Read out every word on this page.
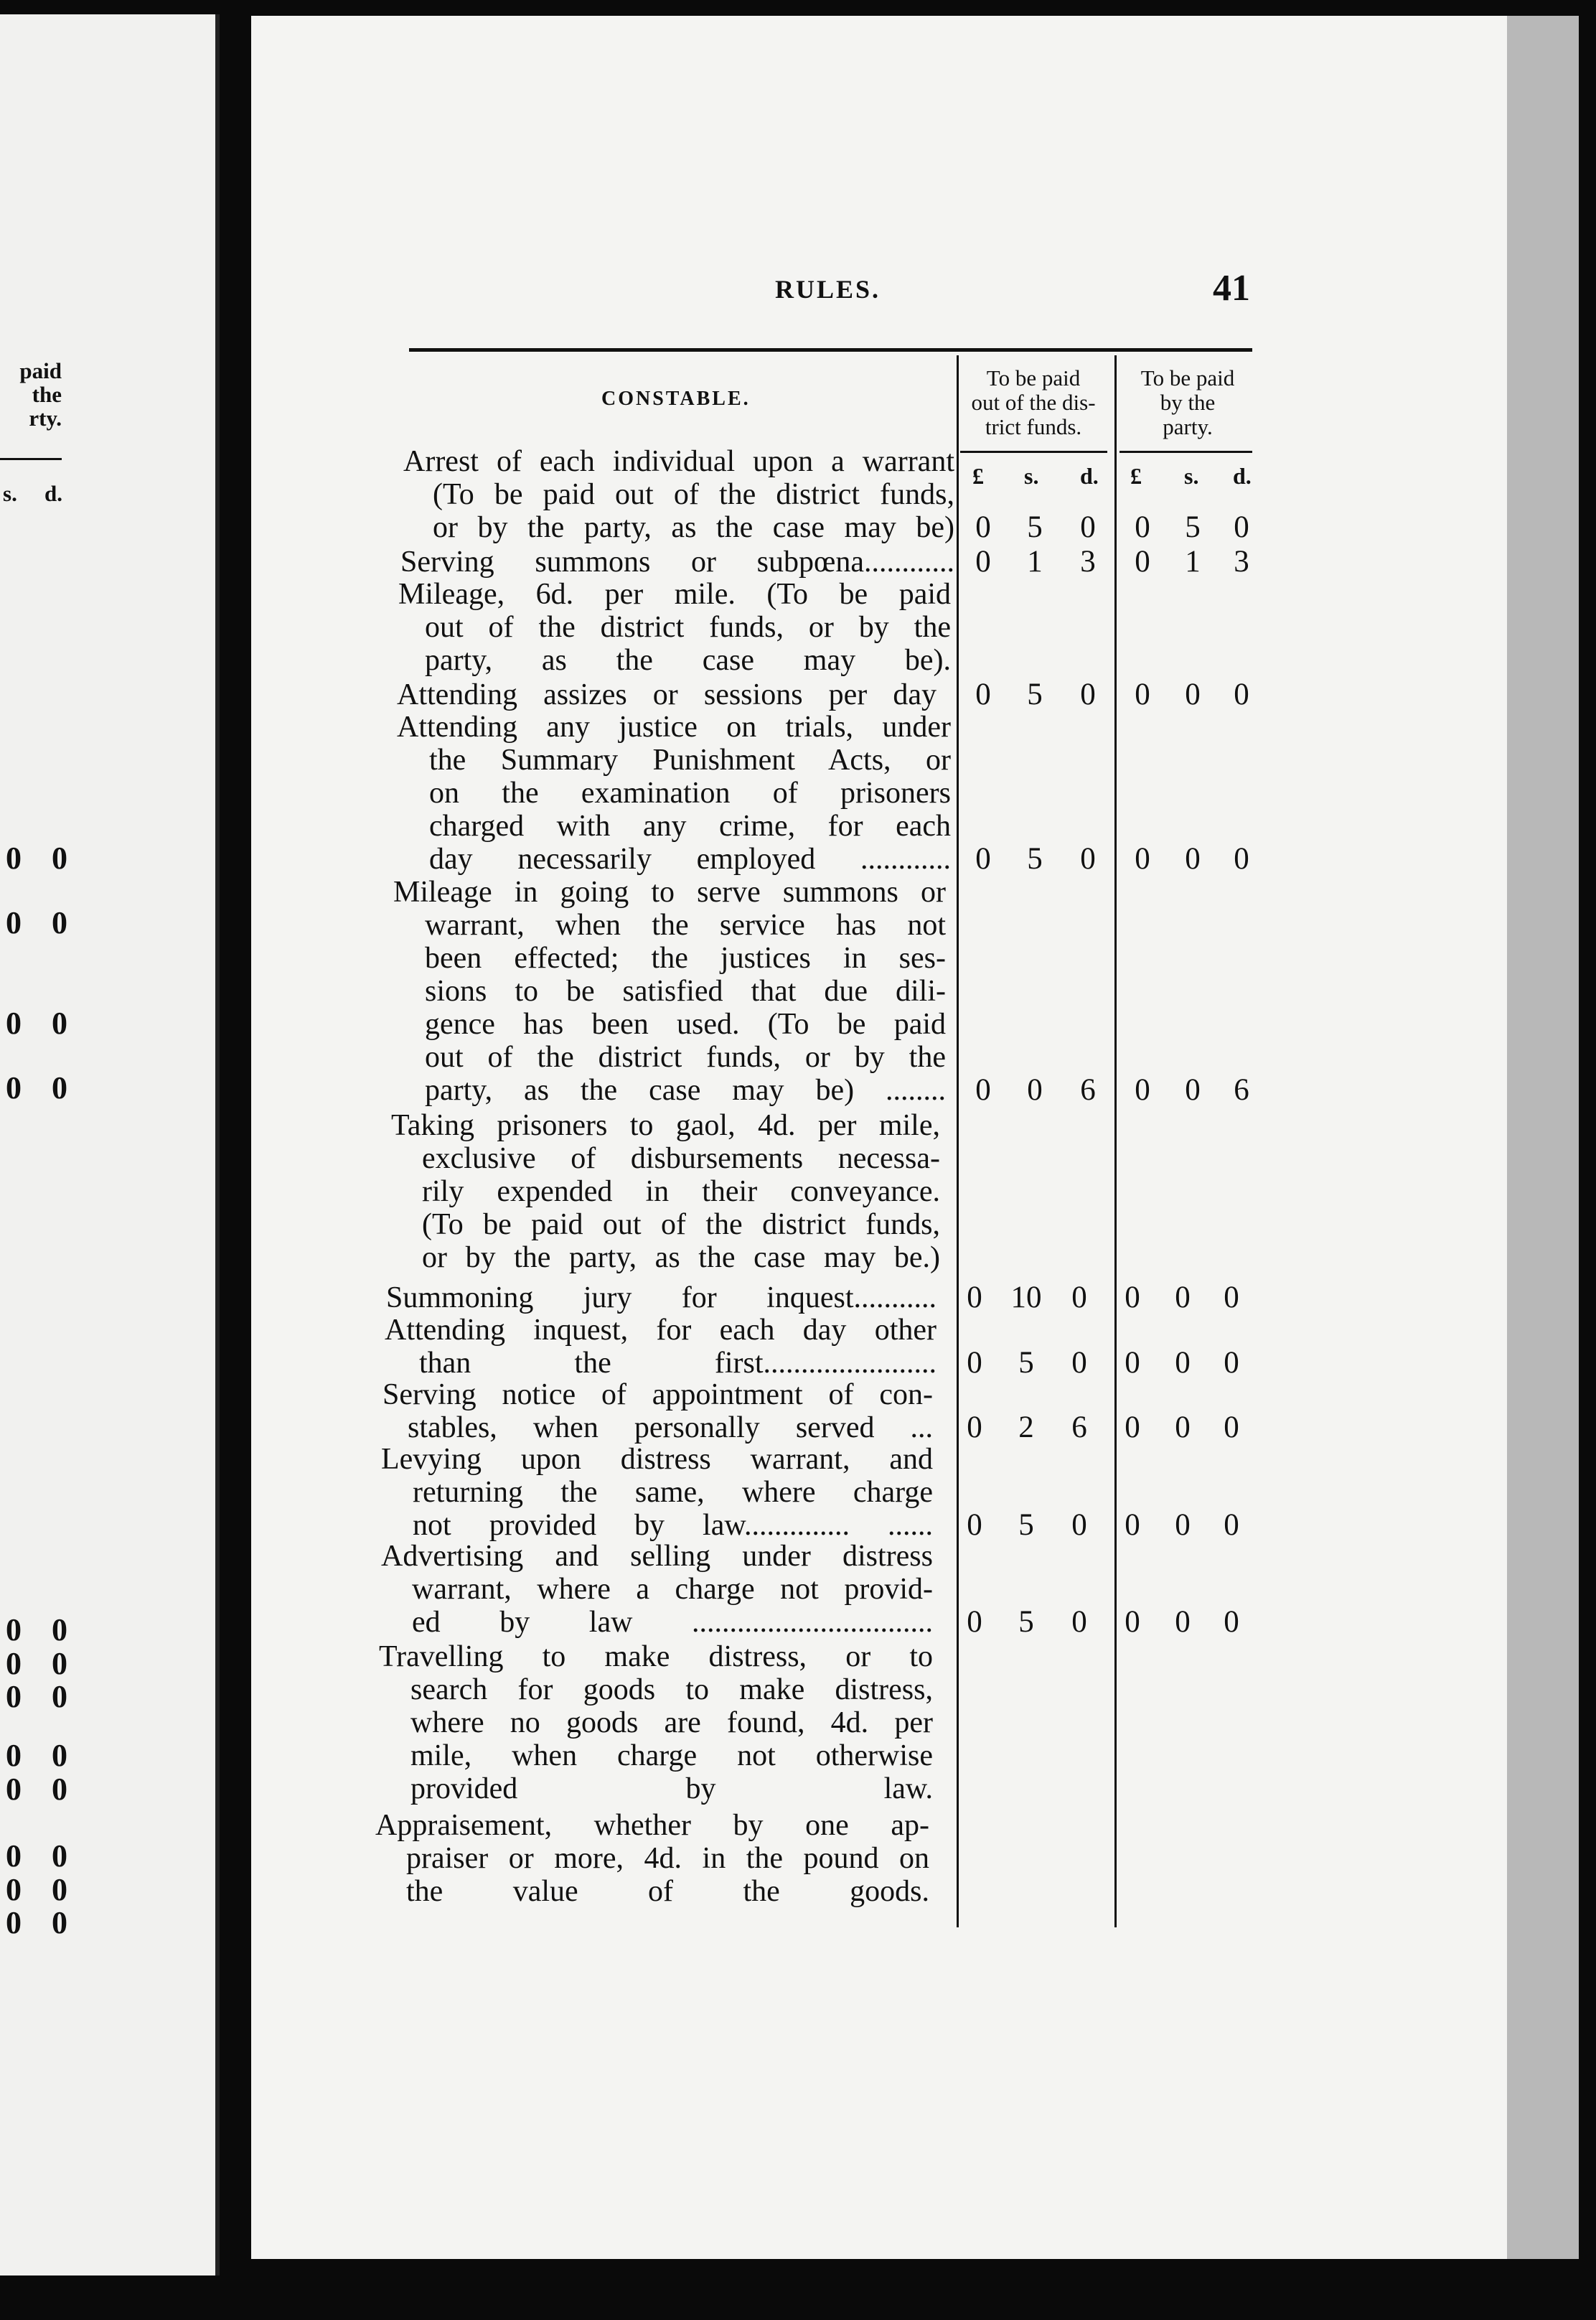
paid
the
rty.
s. d.
0 0
0 0
0 0
0 0
0 0
0 0
0 0
0 0
0 0
0 0
0 0
0 0
RULES.	41
CONSTABLE.
To be paid
out of the dis-
trict funds.
To be paid
by the
party.
£ s. d. £ s. d.
Arrest of each individual upon a warrant
(To be paid out of the district funds,
or by the party, as the case may be) 0	5	0	0	5	0
Serving summons or subpœna............ 0	1	3	0	1	3
Mileage, 6d. per mile. (To be paid
out of the district funds, or by the
party, as the case may be).
Attending assizes or sessions per day	0	5	0	0	0	0
Attending any justice on trials, under
the Summary Punishment Acts, or
on the examination of prisoners
charged with any crime, for each
day necessarily employed ............ 0	5	0	0	0	0
Mileage in going to serve summons or
warrant, when the service has not
been effected; the justices in ses-
sions to be satisfied that due dili-
gence has been used. (To be paid
out of the district funds, or by the
party, as the case may be) ........ 0	0	6	0	0	6
Taking prisoners to gaol, 4d. per mile,
exclusive of disbursements necessa-
rily expended in their conveyance.
(To be paid out of the district funds,
or by the party, as the case may be.)
Summoning jury for inquest........... 0 10 0	0	0	0
Attending inquest, for each day other
than the first....................... 0	5	0	0	0	0
Serving notice of appointment of con-
stables, when personally served ...	0	2	6	0	0	0
Levying upon distress warrant, and
returning the same, where charge
not provided by law.............. ......	0	5	0	0	0	0
Advertising and selling under distress
warrant, where a charge not provid-
ed by law ................................	0	5	0	0	0	0
Travelling to make distress, or to
search for goods to make distress,
where no goods are found, 4d. per
mile, when charge not otherwise
provided by law.
Appraisement, whether by one ap-
praiser or more, 4d. in the pound on
the value of the goods.
